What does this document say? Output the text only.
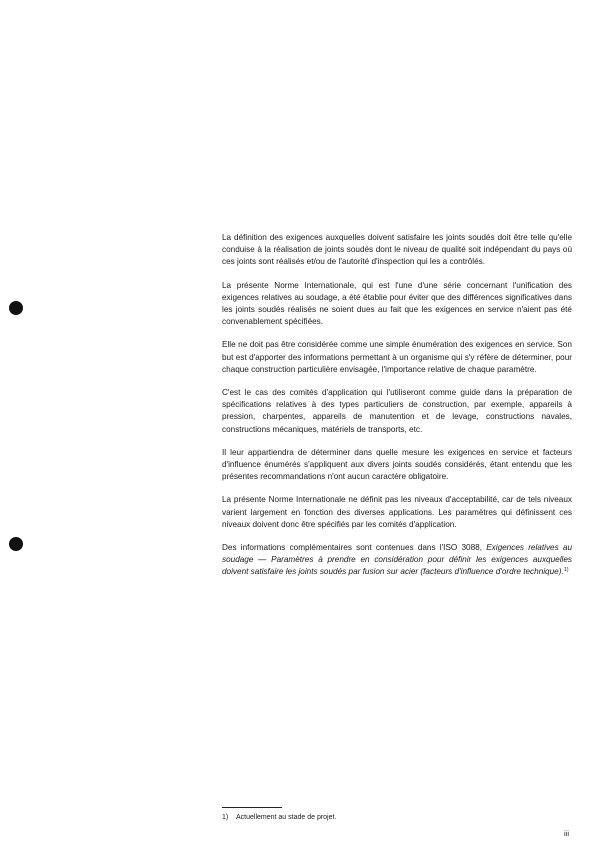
La définition des exigences auxquelles doivent satisfaire les joints soudés doit être telle qu'elle conduise à la réalisation de joints soudés dont le niveau de qualité soit indépendant du pays où ces joints sont réalisés et/ou de l'autorité d'inspection qui les a contrôlés.

La présente Norme Internationale, qui est l'une d'une série concernant l'unification des exigences relatives au soudage, a été établie pour éviter que des différences significatives dans les joints soudés réalisés ne soient dues au fait que les exigences en service n'aient pas été convenablement spécifiées.

Elle ne doit pas être considérée comme une simple énumération des exigences en service. Son but est d'apporter des informations permettant à un organisme qui s'y réfère de déterminer, pour chaque construction particulière envisagée, l'importance relative de chaque paramètre.

C'est le cas des comités d'application qui l'utiliseront comme guide dans la préparation de spécifications relatives à des types particuliers de construction, par exemple, appareils à pression, charpentes, appareils de manutention et de levage, constructions navales, constructions mécaniques, matériels de transports, etc.

Il leur appartiendra de déterminer dans quelle mesure les exigences en service et facteurs d'influence énumérés s'appliquent aux divers joints soudés considérés, étant entendu que les présentes recommandations n'ont aucun caractère obligatoire.

La présente Norme Internationale ne définit pas les niveaux d'acceptabilité, car de tels niveaux varient largement en fonction des diverses applications. Les paramètres qui définissent ces niveaux doivent donc être spécifiés par les comités d'application.

Des informations complémentaires sont contenues dans l'ISO 3088, Exigences relatives au soudage — Paramètres à prendre en considération pour définir les exigences auxquelles doivent satisfaire les joints soudés par fusion sur acier (facteurs d'influence d'ordre technique).$^{1)}$

1) Actuellement au stade de projet.
iii
